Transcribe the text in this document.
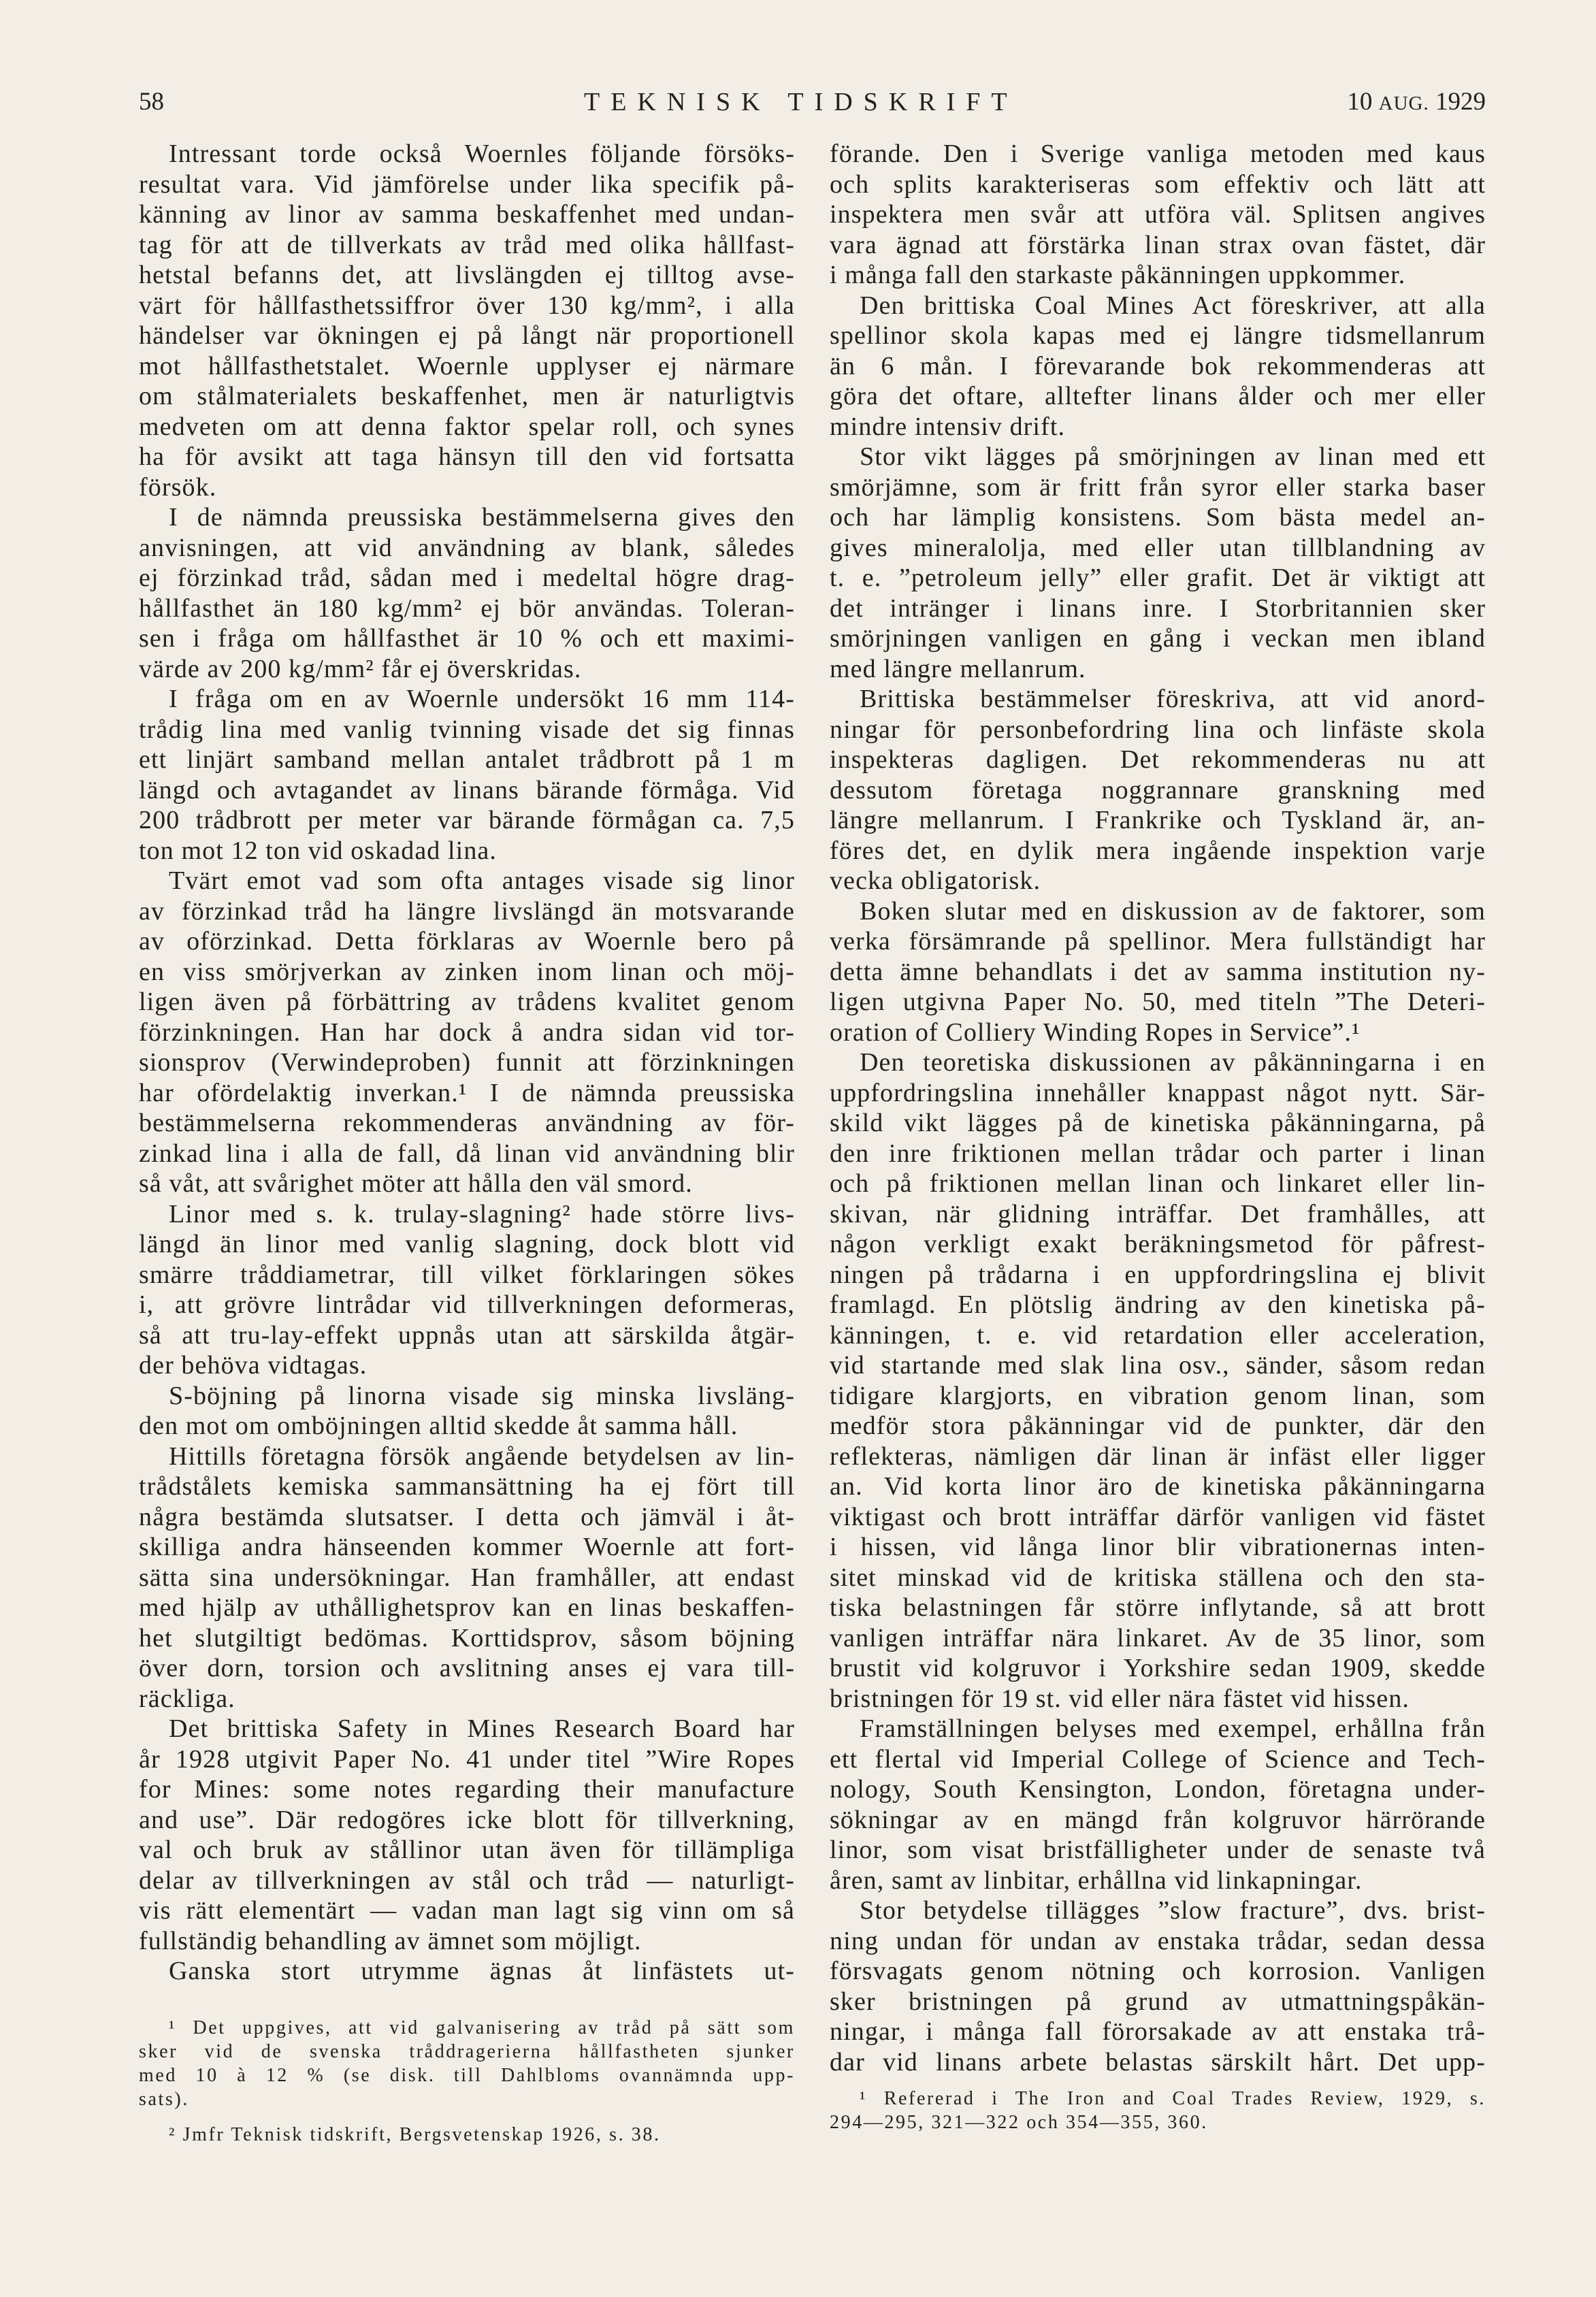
58	TEKNISK TIDSKRIFT	10 AUG. 1929
Intressant torde också Woernles följande försöks-
resultat vara. Vid jämförelse under lika specifik på-
känning av linor av samma beskaffenhet med undan-
tag för att de tillverkats av tråd med olika hållfast-
hetstal befanns det, att livslängden ej tilltog avse-
värt för hållfasthetssiffror över 130 kg/mm², i alla
händelser var ökningen ej på långt när proportionell
mot hållfasthetstalet. Woernle upplyser ej närmare
om stålmaterialets beskaffenhet, men är naturligtvis
medveten om att denna faktor spelar roll, och synes
ha för avsikt att taga hänsyn till den vid fortsatta
försök.
I de nämnda preussiska bestämmelserna gives den
anvisningen, att vid användning av blank, således
ej förzinkad tråd, sådan med i medeltal högre drag-
hållfasthet än 180 kg/mm² ej bör användas. Toleran-
sen i fråga om hållfasthet är 10 % och ett maximi-
värde av 200 kg/mm² får ej överskridas.
I fråga om en av Woernle undersökt 16 mm 114-
trådig lina med vanlig tvinning visade det sig finnas
ett linjärt samband mellan antalet trådbrott på 1 m
längd och avtagandet av linans bärande förmåga. Vid
200 trådbrott per meter var bärande förmågan ca. 7,5
ton mot 12 ton vid oskadad lina.
Tvärt emot vad som ofta antages visade sig linor
av förzinkad tråd ha längre livslängd än motsvarande
av oförzinkad. Detta förklaras av Woernle bero på
en viss smörjverkan av zinken inom linan och möj-
ligen även på förbättring av trådens kvalitet genom
förzinkningen. Han har dock å andra sidan vid tor-
sionsprov (Verwindeproben) funnit att förzinkningen
har ofördelaktig inverkan.¹ I de nämnda preussiska
bestämmelserna rekommenderas användning av för-
zinkad lina i alla de fall, då linan vid användning blir
så våt, att svårighet möter att hålla den väl smord.
Linor med s. k. trulay-slagning² hade större livs-
längd än linor med vanlig slagning, dock blott vid
smärre tråddiametrar, till vilket förklaringen sökes
i, att grövre lintrådar vid tillverkningen deformeras,
så att tru-lay-effekt uppnås utan att särskilda åtgär-
der behöva vidtagas.
S-böjning på linorna visade sig minska livsläng-
den mot om omböjningen alltid skedde åt samma håll.
Hittills företagna försök angående betydelsen av lin-
trådstålets kemiska sammansättning ha ej fört till
några bestämda slutsatser. I detta och jämväl i åt-
skilliga andra hänseenden kommer Woernle att fort-
sätta sina undersökningar. Han framhåller, att endast
med hjälp av uthållighetsprov kan en linas beskaffen-
het slutgiltigt bedömas. Korttidsprov, såsom böjning
över dorn, torsion och avslitning anses ej vara till-
räckliga.
Det brittiska Safety in Mines Research Board har
år 1928 utgivit Paper No. 41 under titel ”Wire Ropes
for Mines: some notes regarding their manufacture
and use”. Där redogöres icke blott för tillverkning,
val och bruk av stållinor utan även för tillämpliga
delar av tillverkningen av stål och tråd — naturligt-
vis rätt elementärt — vadan man lagt sig vinn om så
fullständig behandling av ämnet som möjligt.
Ganska stort utrymme ägnas åt linfästets ut-
förande. Den i Sverige vanliga metoden med kaus
och splits karakteriseras som effektiv och lätt att
inspektera men svår att utföra väl. Splitsen angives
vara ägnad att förstärka linan strax ovan fästet, där
i många fall den starkaste påkänningen uppkommer.
Den brittiska Coal Mines Act föreskriver, att alla
spellinor skola kapas med ej längre tidsmellanrum
än 6 mån. I förevarande bok rekommenderas att
göra det oftare, alltefter linans ålder och mer eller
mindre intensiv drift.
Stor vikt lägges på smörjningen av linan med ett
smörjämne, som är fritt från syror eller starka baser
och har lämplig konsistens. Som bästa medel an-
gives mineralolja, med eller utan tillblandning av
t. e. ”petroleum jelly” eller grafit. Det är viktigt att
det intränger i linans inre. I Storbritannien sker
smörjningen vanligen en gång i veckan men ibland
med längre mellanrum.
Brittiska bestämmelser föreskriva, att vid anord-
ningar för personbefordring lina och linfäste skola
inspekteras dagligen. Det rekommenderas nu att
dessutom företaga noggrannare granskning med
längre mellanrum. I Frankrike och Tyskland är, an-
föres det, en dylik mera ingående inspektion varje
vecka obligatorisk.
Boken slutar med en diskussion av de faktorer, som
verka försämrande på spellinor. Mera fullständigt har
detta ämne behandlats i det av samma institution ny-
ligen utgivna Paper No. 50, med titeln ”The Deteri-
oration of Colliery Winding Ropes in Service”.¹
Den teoretiska diskussionen av påkänningarna i en
uppfordringslina innehåller knappast något nytt. Sär-
skild vikt lägges på de kinetiska påkänningarna, på
den inre friktionen mellan trådar och parter i linan
och på friktionen mellan linan och linkaret eller lin-
skivan, när glidning inträffar. Det framhålles, att
någon verkligt exakt beräkningsmetod för påfrest-
ningen på trådarna i en uppfordringslina ej blivit
framlagd. En plötslig ändring av den kinetiska på-
känningen, t. e. vid retardation eller acceleration,
vid startande med slak lina osv., sänder, såsom redan
tidigare klargjorts, en vibration genom linan, som
medför stora påkänningar vid de punkter, där den
reflekteras, nämligen där linan är infäst eller ligger
an. Vid korta linor äro de kinetiska påkänningarna
viktigast och brott inträffar därför vanligen vid fästet
i hissen, vid långa linor blir vibrationernas inten-
sitet minskad vid de kritiska ställena och den sta-
tiska belastningen får större inflytande, så att brott
vanligen inträffar nära linkaret. Av de 35 linor, som
brustit vid kolgruvor i Yorkshire sedan 1909, skedde
bristningen för 19 st. vid eller nära fästet vid hissen.
Framställningen belyses med exempel, erhållna från
ett flertal vid Imperial College of Science and Tech-
nology, South Kensington, London, företagna under-
sökningar av en mängd från kolgruvor härrörande
linor, som visat bristfälligheter under de senaste två
åren, samt av linbitar, erhållna vid linkapningar.
Stor betydelse tillägges ”slow fracture”, dvs. brist-
ning undan för undan av enstaka trådar, sedan dessa
försvagats genom nötning och korrosion. Vanligen
sker bristningen på grund av utmattningspåkän-
ningar, i många fall förorsakade av att enstaka trå-
dar vid linans arbete belastas särskilt hårt. Det upp-
¹ Det uppgives, att vid galvanisering av tråd på sätt som
sker vid de svenska tråddragerierna hållfastheten sjunker
med 10 à 12 % (se disk. till Dahlbloms ovannämnda upp-
sats).
² Jmfr Teknisk tidskrift, Bergsvetenskap 1926, s. 38.
¹ Refererad i The Iron and Coal Trades Review, 1929, s.
294—295, 321—322 och 354—355, 360.
